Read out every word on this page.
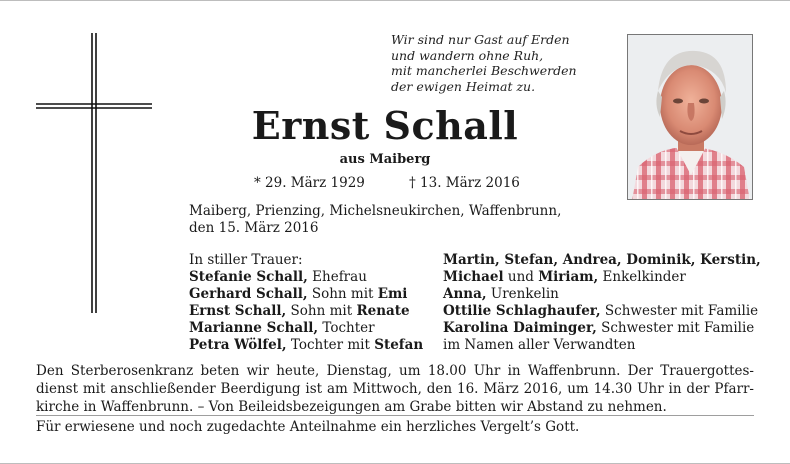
Wir sind nur Gast auf Erden
und wandern ohne Ruh,
mit mancherlei Beschwerden
der ewigen Heimat zu.
Ernst Schall
aus Maiberg
* 29. März 1929	† 13. März 2016
Maiberg, Prienzing, Michelsneukirchen, Waffenbrunn,
den 15. März 2016
In stiller Trauer:
Stefanie Schall, Ehefrau
Gerhard Schall, Sohn mit Emi
Ernst Schall, Sohn mit Renate
Marianne Schall, Tochter
Petra Wölfel, Tochter mit Stefan
Martin, Stefan, Andrea, Dominik, Kerstin,
Michael und Miriam, Enkelkinder
Anna, Urenkelin
Ottilie Schlaghaufer, Schwester mit Familie
Karolina Daiminger, Schwester mit Familie
im Namen aller Verwandten
Den Sterberosenkranz beten wir heute, Dienstag, um 18.00 Uhr in Waffenbrunn. Der Trauergottes-
dienst mit anschließender Beerdigung ist am Mittwoch, den 16. März 2016, um 14.30 Uhr in der Pfarr-
kirche in Waffenbrunn. – Von Beileidsbezeigungen am Grabe bitten wir Abstand zu nehmen.
Für erwiesene und noch zugedachte Anteilnahme ein herzliches Vergelt’s Gott.
